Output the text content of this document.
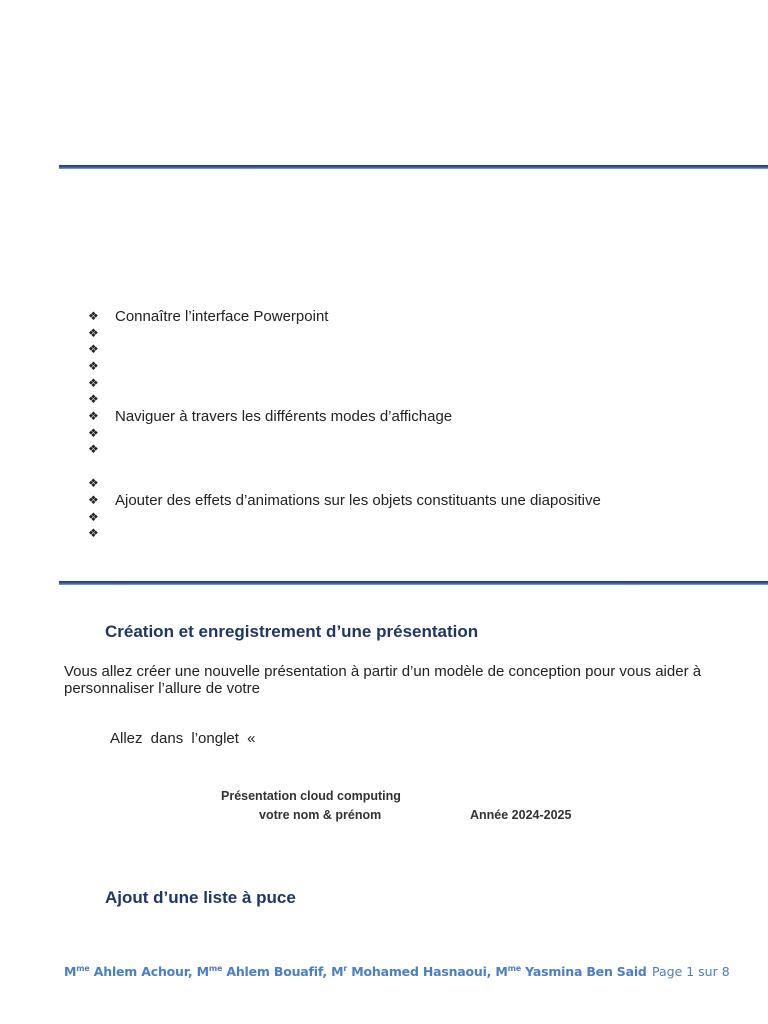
❖	Connaître l’interface Powerpoint
❖
❖
❖
❖
❖
❖	Naviguer à travers les différents modes d’affichage
❖
❖
❖
❖	Ajouter des effets d’animations sur les objets constituants une diapositive
❖
❖
Création et enregistrement d’une présentation
Vous allez créer une nouvelle présentation à partir d’un modèle de conception pour vous aider à personnaliser l’allure de votre
Allez dans l’onglet «
Présentation cloud computing
votre nom & prénom	Année 2024-2025
Ajout d’une liste à puce
$M^{me}$ Ahlem Achour, $M^{me}$ Ahlem Bouafif, $M^r$ Mohamed Hasnaoui, $M^{me}$ Yasmina Ben Said Page 1 sur 8
